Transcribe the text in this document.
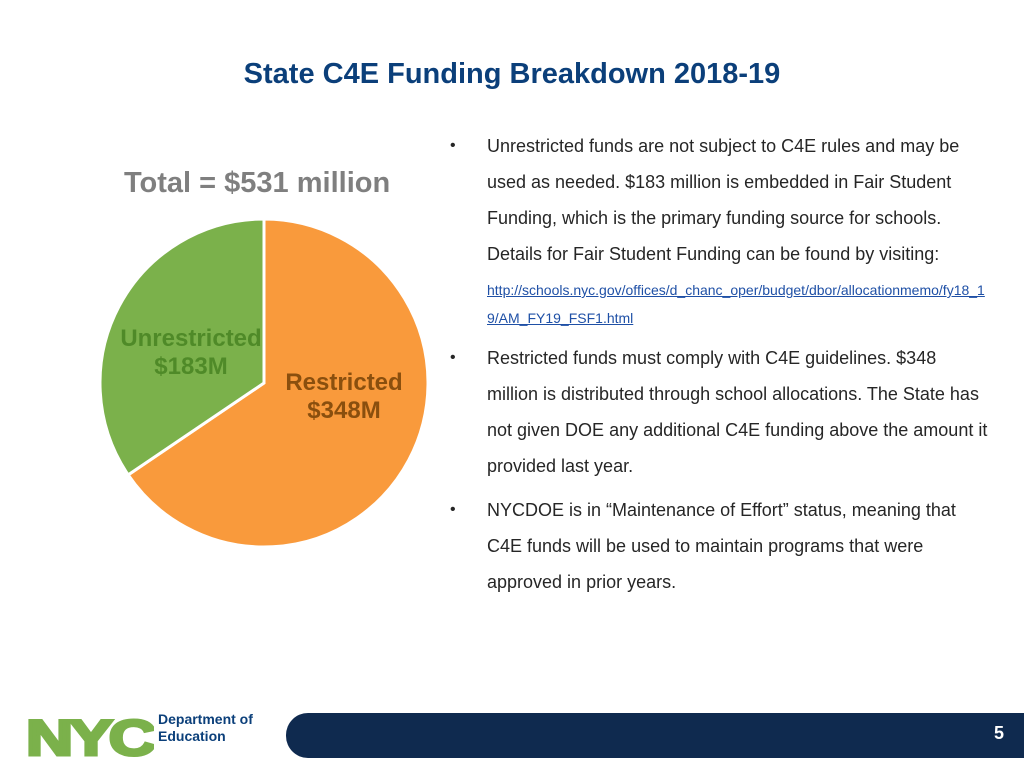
State C4E Funding Breakdown 2018-19

Total = $531 million

Unrestricted
$183M
Restricted
$348M
•	Unrestricted funds are not subject to C4E rules and may be used as needed. $183 million is embedded in Fair Student Funding, which is the primary funding source for schools. Details for Fair Student Funding can be found by visiting:
http://schools.nyc.gov/offices/d_chanc_oper/budget/dbor/allocationmemo/fy18_19/AM_FY19_FSF1.html
•	Restricted funds must comply with C4E guidelines. $348 million is distributed through school allocations. The State has not given DOE any additional C4E funding above the amount it provided last year.
•	NYCDOE is in “Maintenance of Effort” status, meaning that C4E funds will be used to maintain programs that were approved in prior years.
NYC Department of
Education	5
